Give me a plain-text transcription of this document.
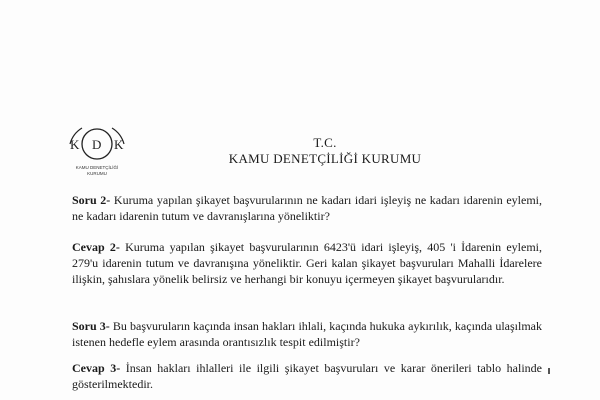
K D K
KAMU DENETÇİLİĞİ
KURUMU
T.C.
KAMU DENETÇİLİĞİ KURUMU
Soru 2- Kuruma yapılan şikayet başvurularının ne kadarı idari işleyiş ne kadarı idarenin eylemi, ne kadarı idarenin tutum ve davranışlarına yöneliktir?
Cevap 2- Kuruma yapılan şikayet başvurularının 6423'ü idari işleyiş, 405 'i İdarenin eylemi, 279'u idarenin tutum ve davranışına yöneliktir. Geri kalan şikayet başvuruları Mahalli İdarelere ilişkin, şahıslara yönelik belirsiz ve herhangi bir konuyu içermeyen şikayet başvurularıdır.
Soru 3- Bu başvuruların kaçında insan hakları ihlali, kaçında hukuka aykırılık, kaçında ulaşılmak istenen hedefle eylem arasında orantısızlık tespit edilmiştir?
Cevap 3- İnsan hakları ihlalleri ile ilgili şikayet başvuruları ve karar önerileri tablo halinde gösterilmektedir.
